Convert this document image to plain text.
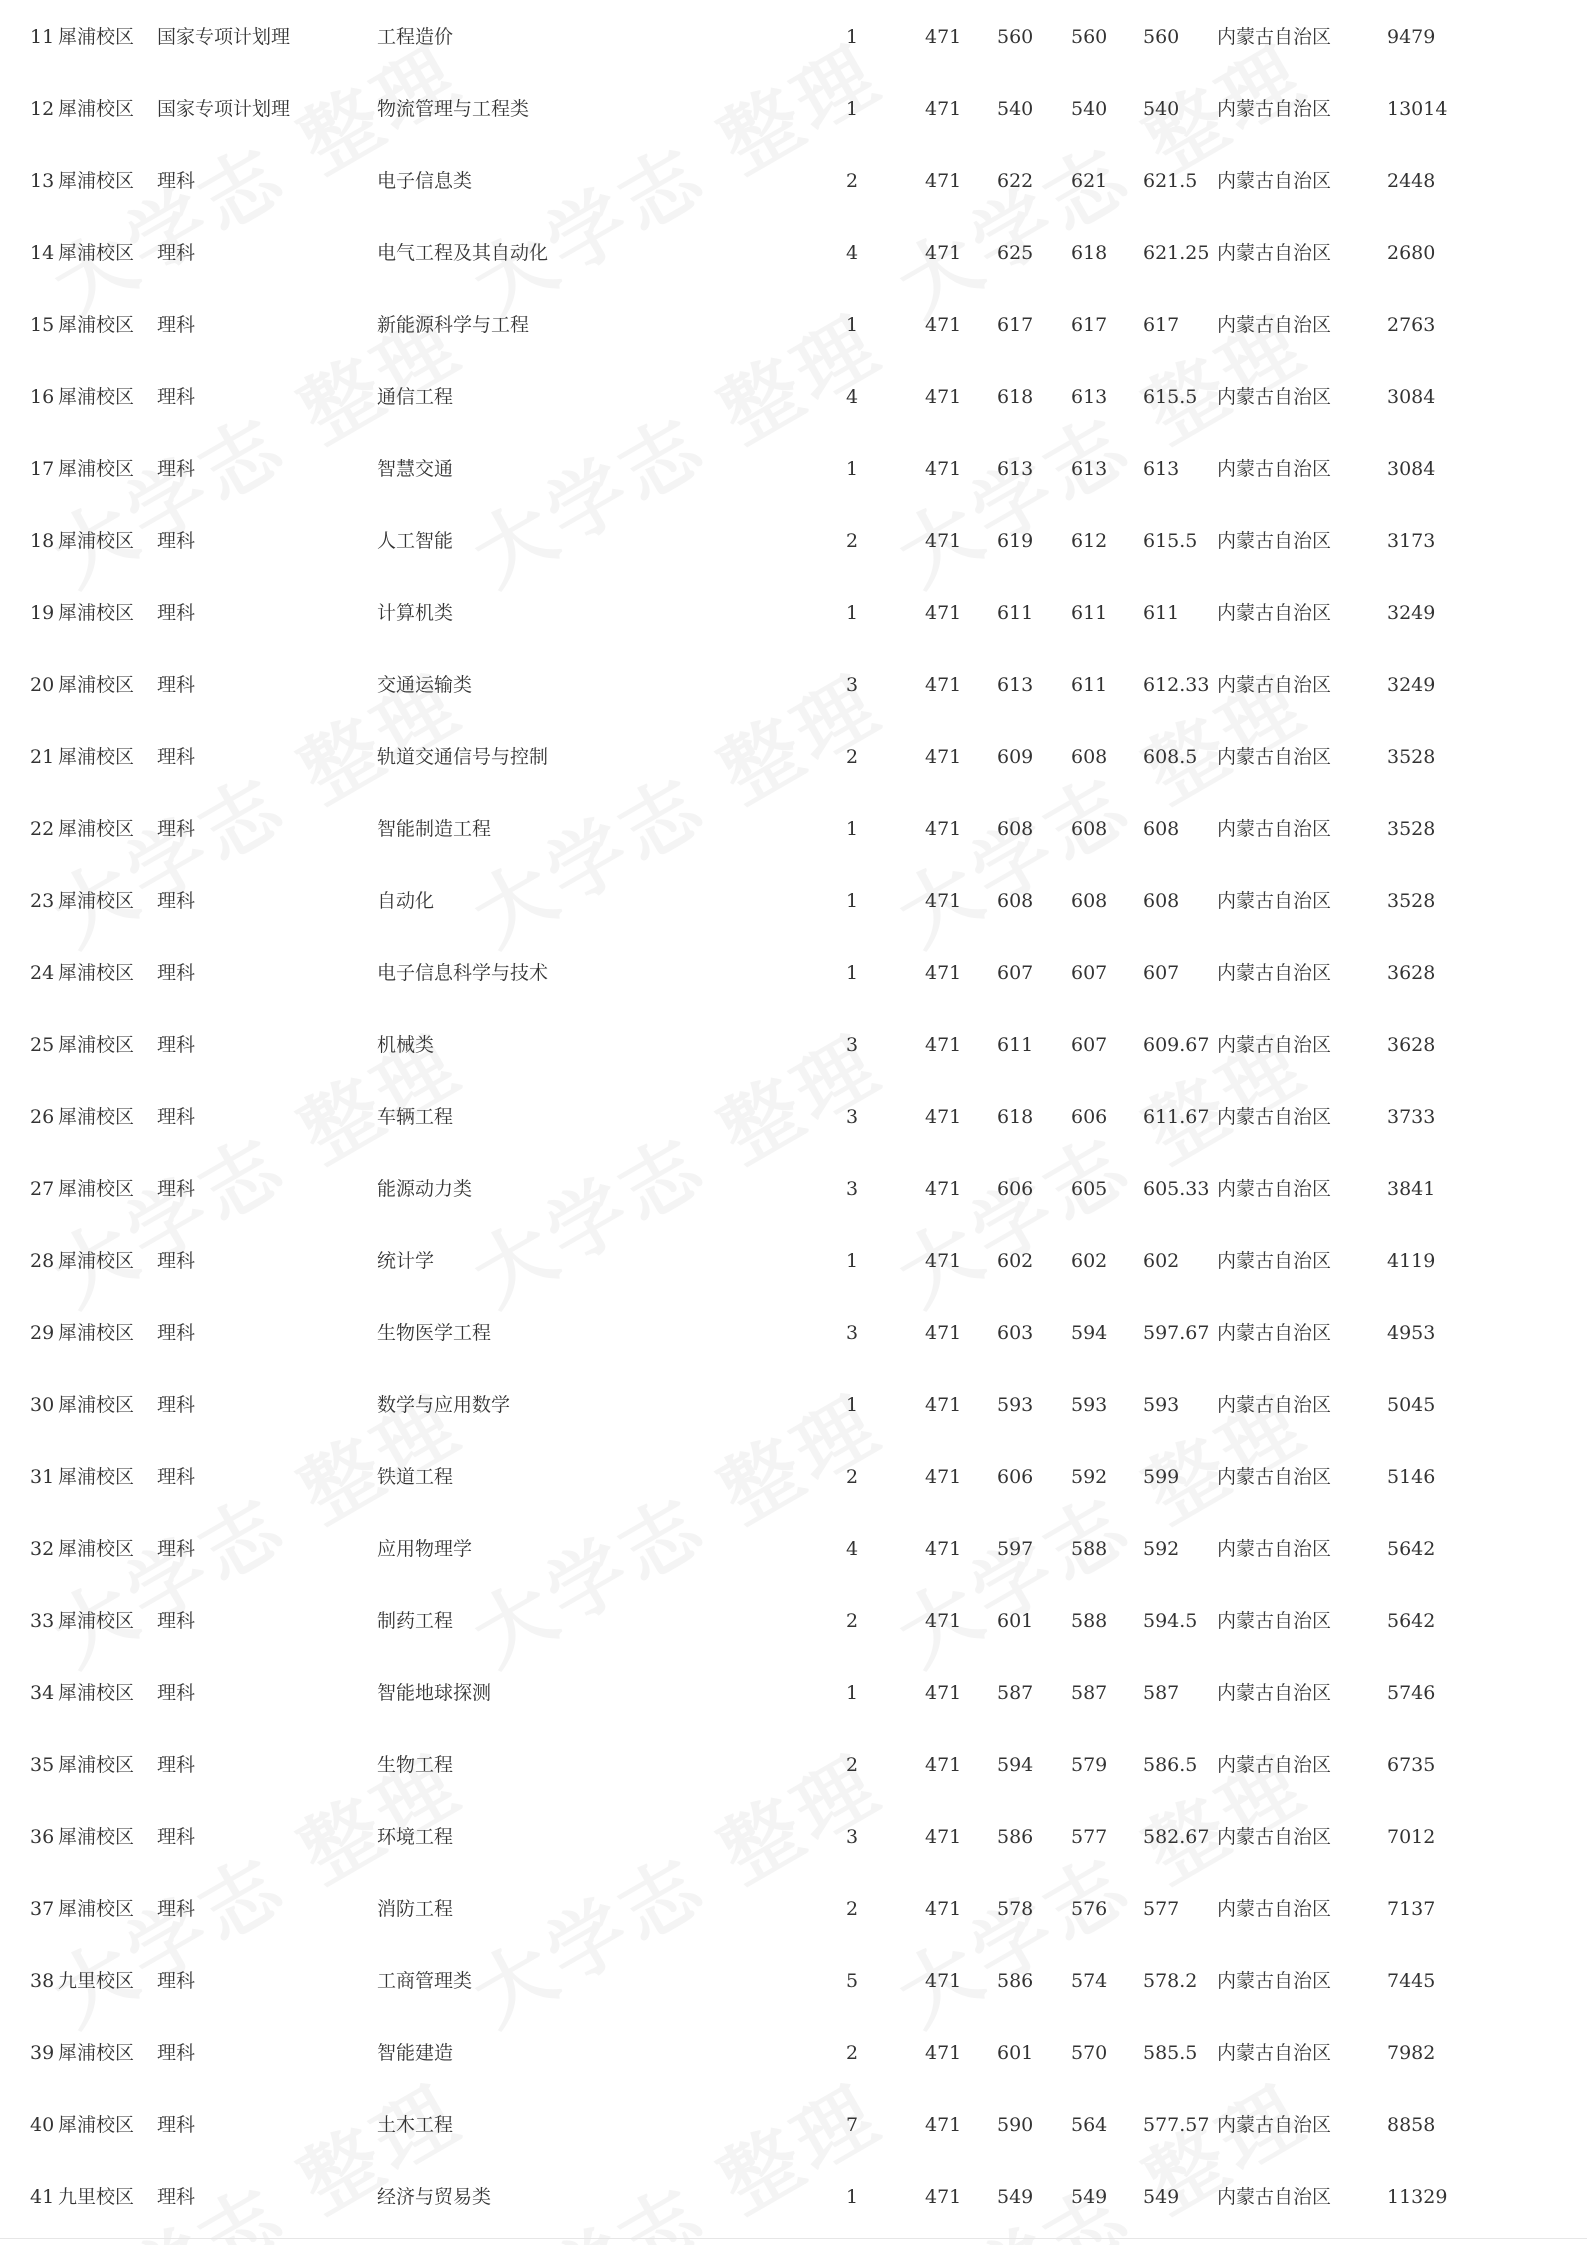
11 犀浦校区 国家专项计划理	工程造价	1	471 560 560 560 内蒙古自治区	9479
12 犀浦校区 国家专项计划理	物流管理与工程类	1	471 540 540 540 内蒙古自治区	13014
13 犀浦校区 理科	电子信息类	2	471 622 621 621.5 内蒙古自治区	2448
14 犀浦校区 理科	电气工程及其自动化	4	471 625 618 621.25 内蒙古自治区	2680
15 犀浦校区 理科	新能源科学与工程	1	471 617 617 617 内蒙古自治区	2763
16 犀浦校区 理科	通信工程	4	471 618 613 615.5 内蒙古自治区	3084
17 犀浦校区 理科	智慧交通	1	471 613 613 613 内蒙古自治区	3084
18 犀浦校区 理科	人工智能	2	471 619 612 615.5 内蒙古自治区	3173
19 犀浦校区 理科	计算机类	1	471 611 611 611 内蒙古自治区	3249
20 犀浦校区 理科	交通运输类	3	471 613 611 612.33 内蒙古自治区	3249
21 犀浦校区 理科	轨道交通信号与控制	2	471 609 608 608.5 内蒙古自治区	3528
22 犀浦校区 理科	智能制造工程	1	471 608 608 608 内蒙古自治区	3528
23 犀浦校区 理科	自动化	1	471 608 608 608 内蒙古自治区	3528
24 犀浦校区 理科	电子信息科学与技术	1	471 607 607 607 内蒙古自治区	3628
25 犀浦校区 理科	机械类	3	471 611 607 609.67 内蒙古自治区	3628
26 犀浦校区 理科	车辆工程	3	471 618 606 611.67 内蒙古自治区	3733
27 犀浦校区 理科	能源动力类	3	471 606 605 605.33 内蒙古自治区	3841
28 犀浦校区 理科	统计学	1	471 602 602 602 内蒙古自治区	4119
29 犀浦校区 理科	生物医学工程	3	471 603 594 597.67 内蒙古自治区	4953
30 犀浦校区 理科	数学与应用数学	1	471 593 593 593 内蒙古自治区	5045
31 犀浦校区 理科	铁道工程	2	471 606 592 599 内蒙古自治区	5146
32 犀浦校区 理科	应用物理学	4	471 597 588 592 内蒙古自治区	5642
33 犀浦校区 理科	制药工程	2	471 601 588 594.5 内蒙古自治区	5642
34 犀浦校区 理科	智能地球探测	1	471 587 587 587 内蒙古自治区	5746
35 犀浦校区 理科	生物工程	2	471 594 579 586.5 内蒙古自治区	6735
36 犀浦校区 理科	环境工程	3	471 586 577 582.67 内蒙古自治区	7012
37 犀浦校区 理科	消防工程	2	471 578 576 577 内蒙古自治区	7137
38 九里校区 理科	工商管理类	5	471 586 574 578.2 内蒙古自治区	7445
39 犀浦校区 理科	智能建造	2	471 601 570 585.5 内蒙古自治区	7982
40 犀浦校区 理科	土木工程	7	471 590 564 577.57 内蒙古自治区	8858
41 九里校区 理科	经济与贸易类	1	471 549 549 549 内蒙古自治区	11329
